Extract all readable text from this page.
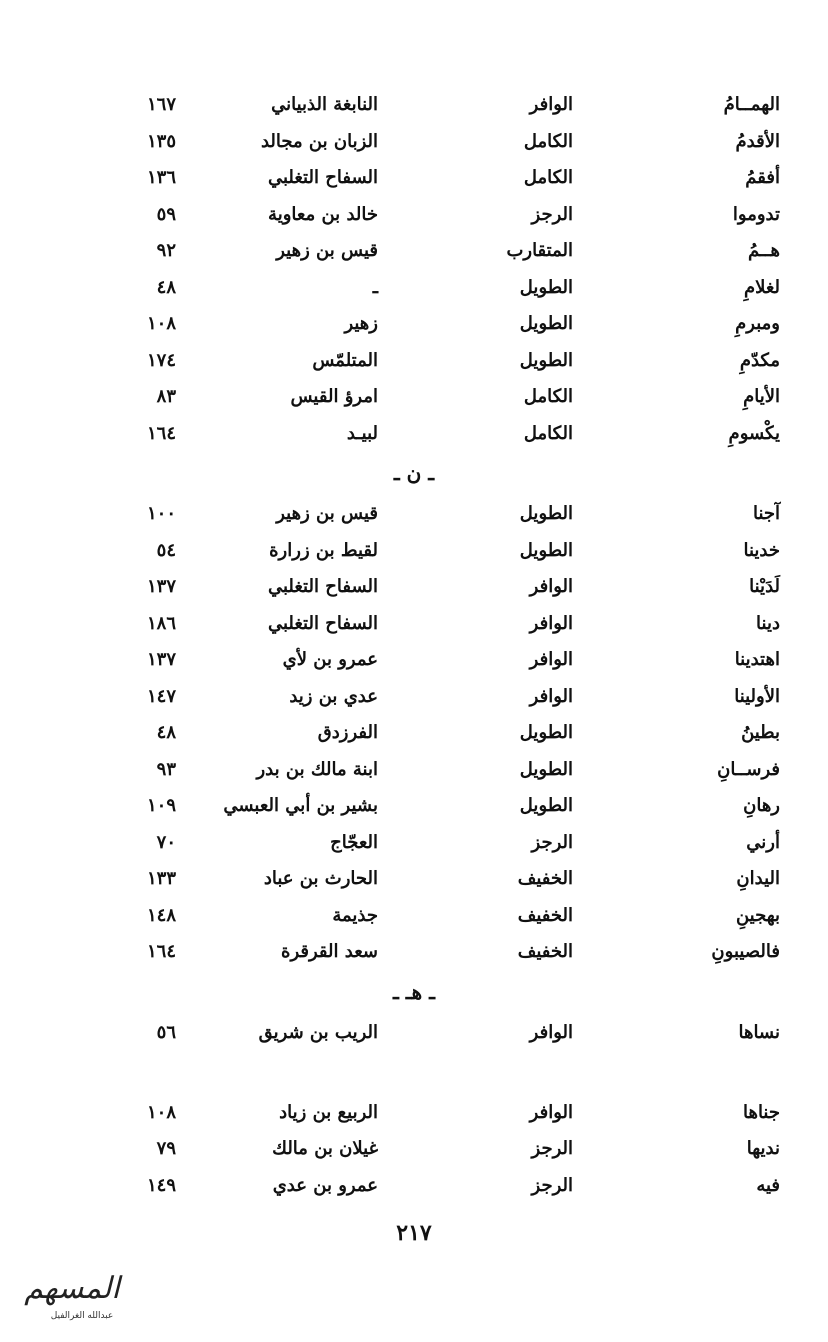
الهمــامُ
الوافر
النابغة الذبياني
١٦٧
الأقدمُ
الكامل
الزبان بن مجالد
١٣٥
أفقمُ
الكامل
السفاح التغلبي
١٣٦
تدوموا
الرجز
خالد بن معاوية
٥٩
هــمُ
المتقارب
قيس بن زهير
٩٢
لغلامِ
الطويل
ـ
٤٨
ومبرمِ
الطويل
زهير
١٠٨
مكدّمِ
الطويل
المتلمّس
١٧٤
الأيامِ
الكامل
امرؤ القيس
٨٣
يكْسومِ
الكامل
لبيـد
١٦٤
ـ ن ـ
آجنا
الطويل
قيس بن زهير
١٠٠
خدينا
الطويل
لقيط بن زرارة
٥٤
لَدَيْنا
الوافر
السفاح التغلبي
١٣٧
دينا
الوافر
السفاح التغلبي
١٨٦
اهتدينا
الوافر
عمرو بن لأي
١٣٧
الأولينا
الوافر
عدي بن زيد
١٤٧
بطينُ
الطويل
الفرزدق
٤٨
فرســانِ
الطويل
ابنة مالك بن بدر
٩٣
رهانِ
الطويل
بشير بن أبي العبسي
١٠٩
أرني
الرجز
العجّاج
٧٠
اليدانِ
الخفيف
الحارث بن عباد
١٣٣
بهجينِ
الخفيف
جذيمة
١٤٨
فالصيبونِ
الخفيف
سعد القرقرة
١٦٤
ـ هـ ـ
نساها
الوافر
الريب بن شريق
٥٦
جناها
الوافر
الربيع بن زياد
١٠٨
نديها
الرجز
غيلان بن مالك
٧٩
فيه
الرجز
عمرو بن عدي
١٤٩
٢١٧
المسهم
عبدالله الغرالفيل
